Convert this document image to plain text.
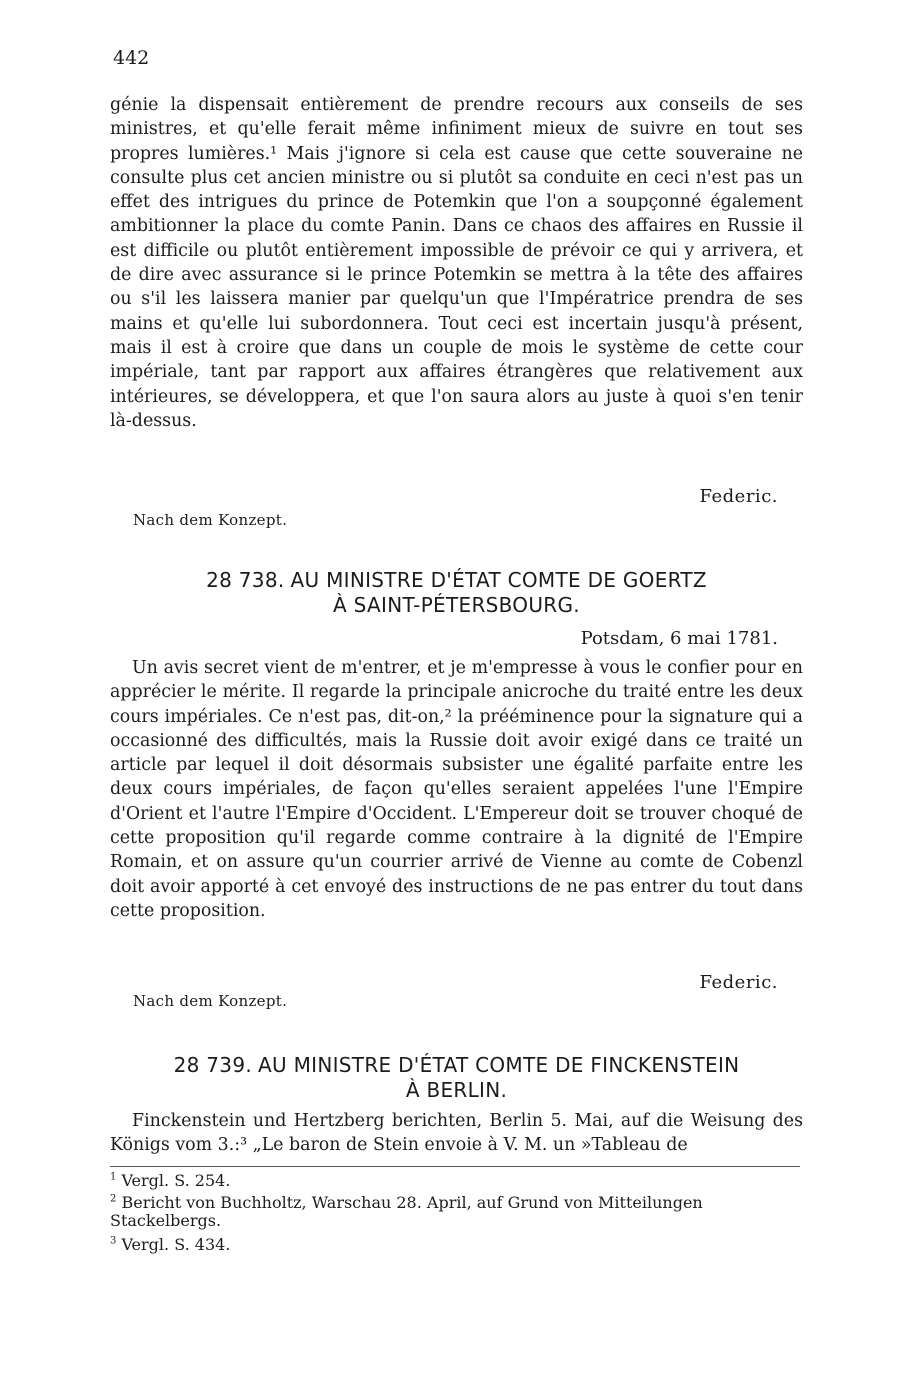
442

génie la dispensait entièrement de prendre recours aux conseils de ses ministres, et qu'elle ferait même infiniment mieux de suivre en tout ses propres lumières.¹ Mais j'ignore si cela est cause que cette souveraine ne consulte plus cet ancien ministre ou si plutôt sa conduite en ceci n'est pas un effet des intrigues du prince de Potemkin que l'on a soupçonné également ambitionner la place du comte Panin. Dans ce chaos des affaires en Russie il est difficile ou plutôt entièrement impossible de prévoir ce qui y arrivera, et de dire avec assurance si le prince Potemkin se mettra à la tête des affaires ou s'il les laissera manier par quelqu'un que l'Impératrice prendra de ses mains et qu'elle lui subordonnera. Tout ceci est incertain jusqu'à présent, mais il est à croire que dans un couple de mois le système de cette cour impériale, tant par rapport aux affaires étrangères que relativement aux intérieures, se développera, et que l'on saura alors au juste à quoi s'en tenir là-dessus.

Federic.
Nach dem Konzept.
28 738. AU MINISTRE D'ÉTAT COMTE DE GOERTZ
À SAINT-PÉTERSBOURG.
Potsdam, 6 mai 1781.

Un avis secret vient de m'entrer, et je m'empresse à vous le confier pour en apprécier le mérite. Il regarde la principale anicroche du traité entre les deux cours impériales. Ce n'est pas, dit-on,² la prééminence pour la signature qui a occasionné des difficultés, mais la Russie doit avoir exigé dans ce traité un article par lequel il doit désormais subsister une égalité parfaite entre les deux cours impériales, de façon qu'elles seraient appelées l'une l'Empire d'Orient et l'autre l'Empire d'Occident. L'Empereur doit se trouver choqué de cette proposition qu'il regarde comme contraire à la dignité de l'Empire Romain, et on assure qu'un courrier arrivé de Vienne au comte de Cobenzl doit avoir apporté à cet envoyé des instructions de ne pas entrer du tout dans cette proposition.

Federic.
Nach dem Konzept.
28 739. AU MINISTRE D'ÉTAT COMTE DE FINCKENSTEIN
À BERLIN.

Finckenstein und Hertzberg berichten, Berlin 5. Mai, auf die Weisung des Königs vom 3.:³ „Le baron de Stein envoie à V. M. un »Tableau de

$^1$ Vergl. S. 254.
$^2$ Bericht von Buchholtz, Warschau 28. April, auf Grund von Mitteilungen Stackelbergs.
$^3$ Vergl. S. 434.
